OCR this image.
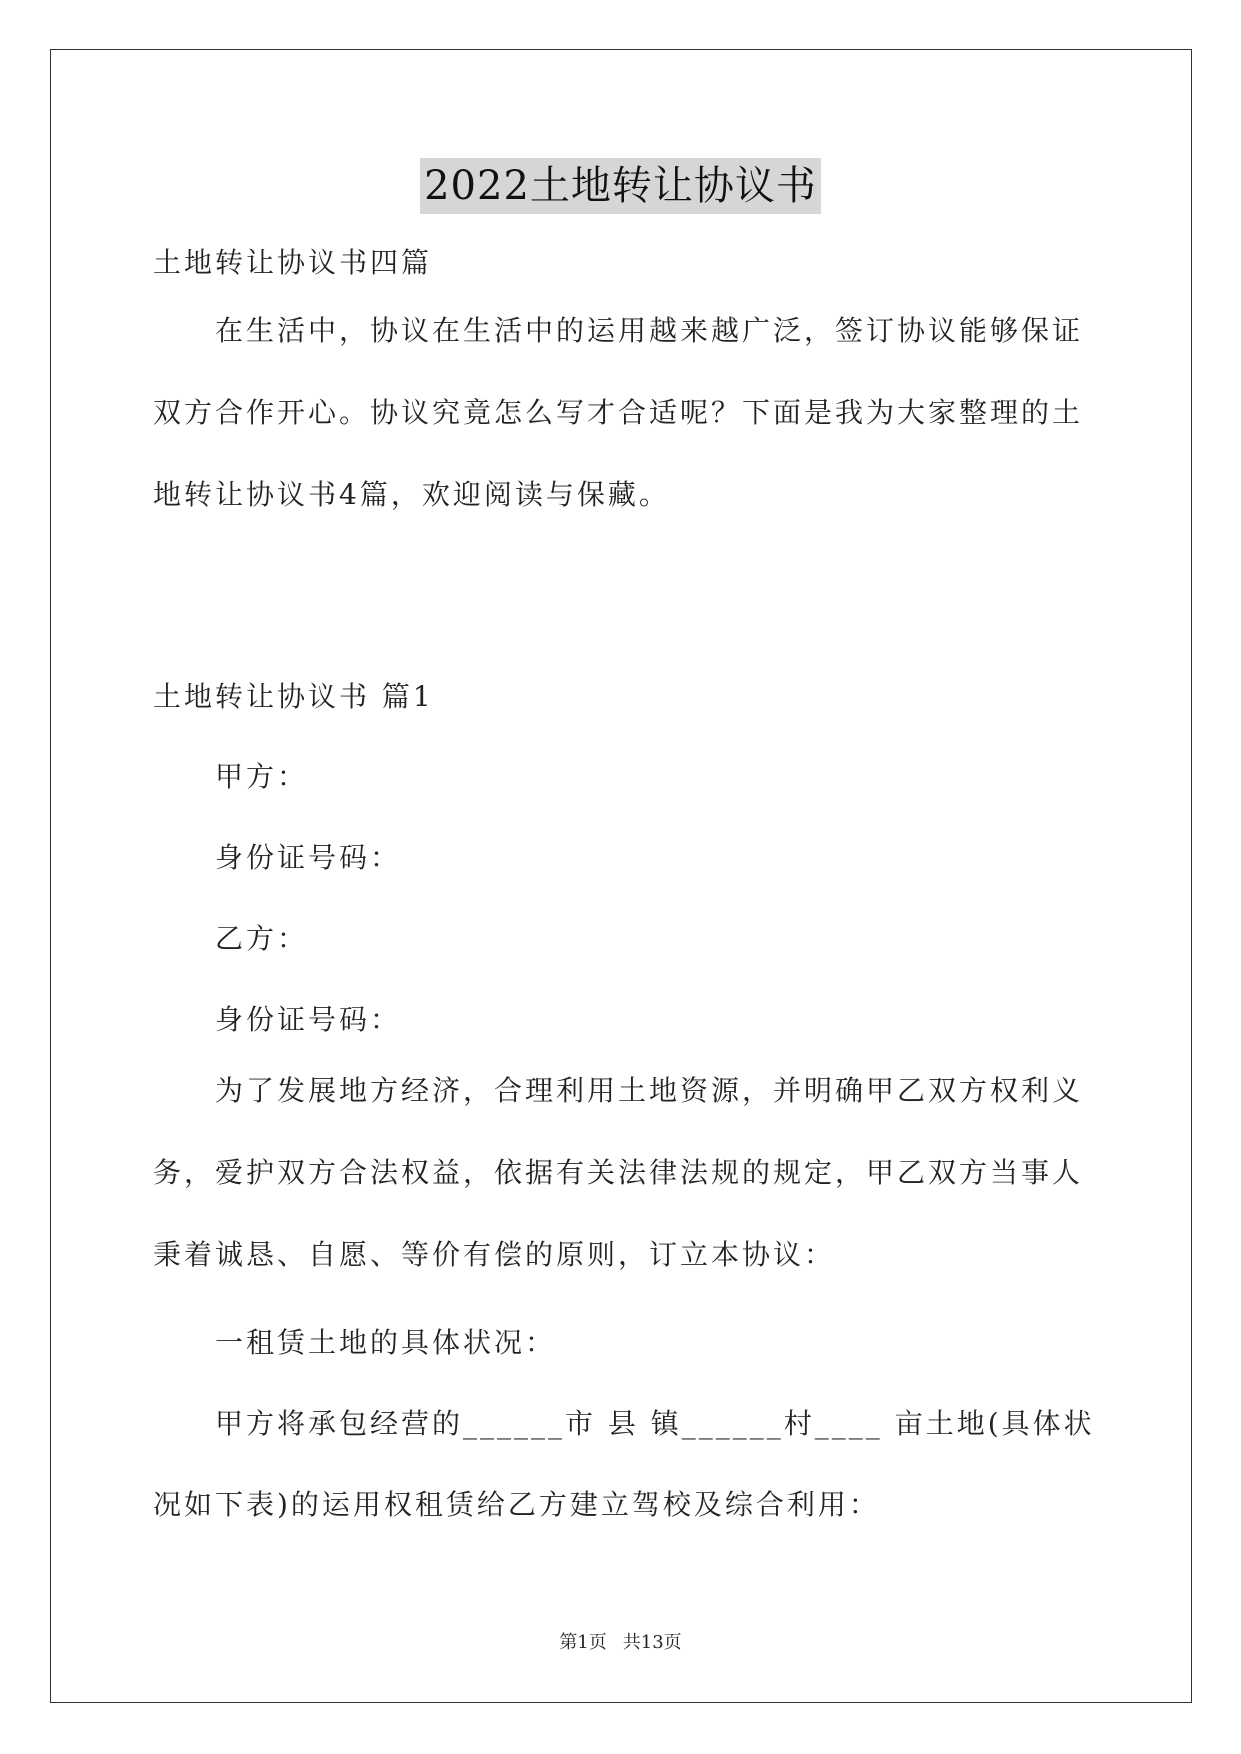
2022土地转让协议书
土地转让协议书四篇
在生活中，协议在生活中的运用越来越广泛，签订协议能够保证双方合作开心。协议究竟怎么写才合适呢？下面是我为大家整理的土地转让协议书4篇，欢迎阅读与保藏。
土地转让协议书 篇1
甲方：
身份证号码：
乙方：
身份证号码：
为了发展地方经济，合理利用土地资源，并明确甲乙双方权利义务，爱护双方合法权益，依据有关法律法规的规定，甲乙双方当事人秉着诚恳、自愿、等价有偿的原则，订立本协议：
一租赁土地的具体状况：
甲方将承包经营的______市 县 镇______村____ 亩土地(具体状
况如下表)的运用权租赁给乙方建立驾校及综合利用：
第1页 共13页
